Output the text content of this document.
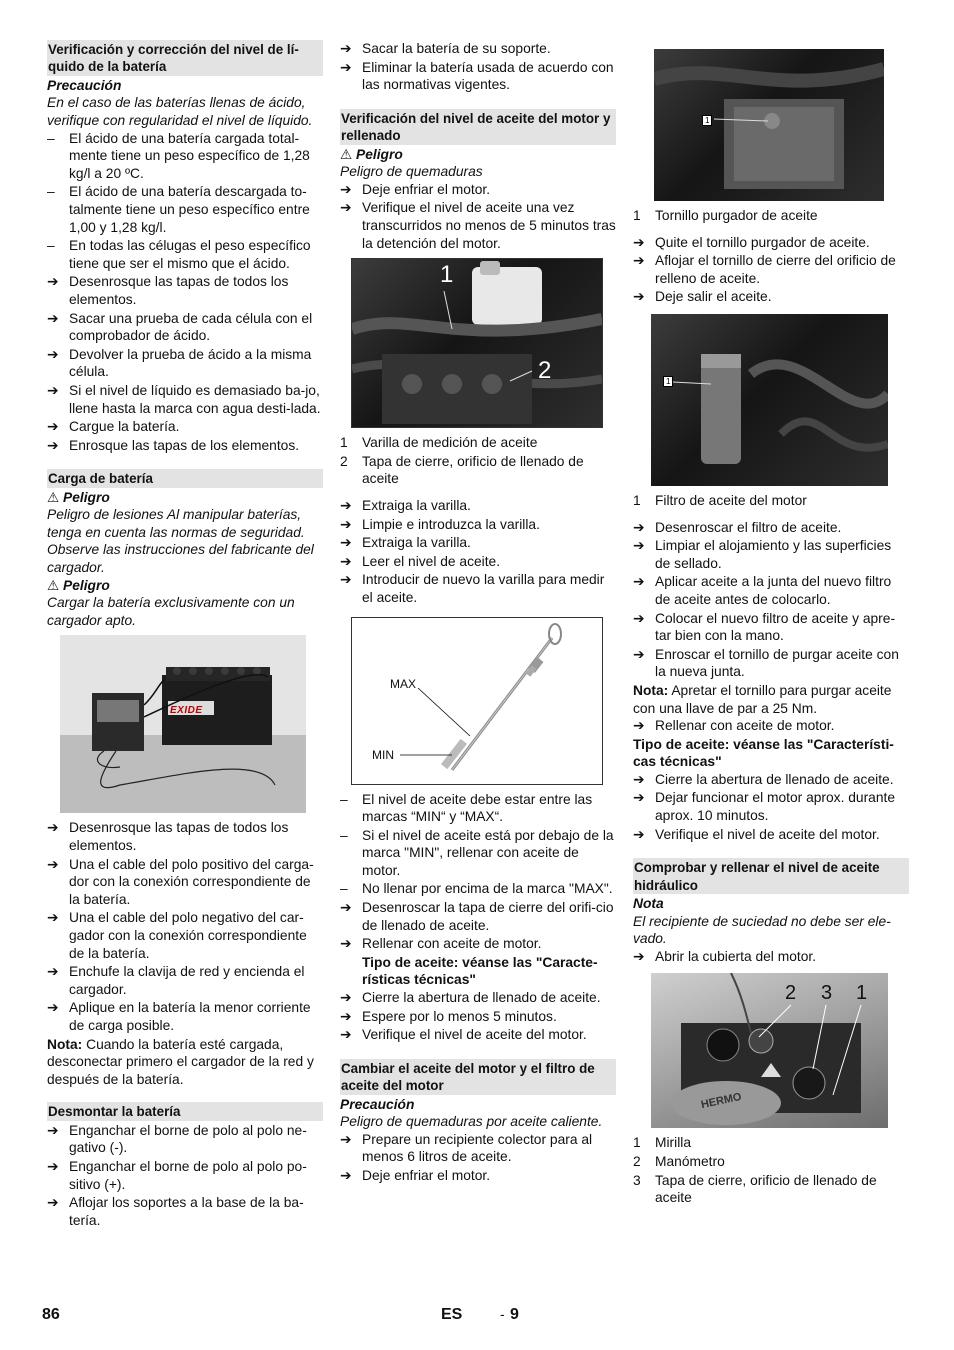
Verificación y corrección del nivel de lí-quido de la batería

Precaución

En el caso de las baterías llenas de ácido, verifique con regularidad el nivel de líquido.

–	El ácido de una batería cargada total-mente tiene un peso específico de 1,28 kg/l a 20 ºC.
–	El ácido de una batería descargada to-talmente tiene un peso específico entre 1,00 y 1,28 kg/l.
–	En todas las célugas el peso específico tiene que ser el mismo que el ácido.
➔ Desenrosque las tapas de todos los elementos.
➔ Sacar una prueba de cada célula con el comprobador de ácido.
➔ Devolver la prueba de ácido a la misma célula.
➔ Si el nivel de líquido es demasiado ba-jo, llene hasta la marca con agua desti-lada.
➔ Cargue la batería.
➔ Enrosque las tapas de los elementos.
Carga de batería

⚠ Peligro

Peligro de lesiones Al manipular baterías, tenga en cuenta las normas de seguridad. Observe las instrucciones del fabricante del cargador.

⚠ Peligro

Cargar la batería exclusivamente con un cargador apto.

EXIDE
➔ Desenrosque las tapas de todos los elementos.
➔ Una el cable del polo positivo del carga-dor con la conexión correspondiente de la batería.
➔ Una el cable del polo negativo del car-gador con la conexión correspondiente de la batería.
➔ Enchufe la clavija de red y encienda el cargador.
➔ Aplique en la batería la menor corriente de carga posible.

Nota: Cuando la batería esté cargada, desconectar primero el cargador de la red y después de la batería.

Desmontar la batería
➔ Enganchar el borne de polo al polo ne-gativo (-).
➔ Enganchar el borne de polo al polo po-sitivo (+).
➔ Aflojar los soportes a la base de la ba-tería.
➔ Sacar la batería de su soporte.
➔ Eliminar la batería usada de acuerdo con las normativas vigentes.
Verificación del nivel de aceite del motor y rellenado

⚠ Peligro

Peligro de quemaduras

➔ Deje enfriar el motor.
➔ Verifique el nivel de aceite una vez transcurridos no menos de 5 minutos tras la detención del motor.
1
2
1	Varilla de medición de aceite
2	Tapa de cierre, orificio de llenado de aceite
➔ Extraiga la varilla.
➔ Limpie e introduzca la varilla.
➔ Extraiga la varilla.
➔ Leer el nivel de aceite.
➔ Introducir de nuevo la varilla para medir el aceite.
MAX
MIN
–	El nivel de aceite debe estar entre las marcas “MIN“ y “MAX“.
–	Si el nivel de aceite está por debajo de la marca "MIN", rellenar con aceite de motor.
–	No llenar por encima de la marca "MAX".
➔ Desenroscar la tapa de cierre del orifi-cio de llenado de aceite.
➔ Rellenar con aceite de motor.

Tipo de aceite: véanse las "Caracte-rísticas técnicas"

➔ Cierre la abertura de llenado de aceite.
➔ Espere por lo menos 5 minutos.
➔ Verifique el nivel de aceite del motor.
Cambiar el aceite del motor y el filtro de aceite del motor

Precaución

Peligro de quemaduras por aceite caliente.

➔ Prepare un recipiente colector para al menos 6 litros de aceite.
➔ Deje enfriar el motor.
1
1	Tornillo purgador de aceite
➔ Quite el tornillo purgador de aceite.
➔ Aflojar el tornillo de cierre del orificio de relleno de aceite.
➔ Deje salir el aceite.
1
1	Filtro de aceite del motor
➔ Desenroscar el filtro de aceite.
➔ Limpiar el alojamiento y las superficies de sellado.
➔ Aplicar aceite a la junta del nuevo filtro de aceite antes de colocarlo.
➔ Colocar el nuevo filtro de aceite y apre-tar bien con la mano.
➔ Enroscar el tornillo de purgar aceite con la nueva junta.

Nota: Apretar el tornillo para purgar aceite con una llave de par a 25 Nm.

➔ Rellenar con aceite de motor.

Tipo de aceite: véanse las "Característi-cas técnicas"

➔ Cierre la abertura de llenado de aceite.
➔ Dejar funcionar el motor aprox. durante aprox. 10 minutos.
➔ Verifique el nivel de aceite del motor.
Comprobar y rellenar el nivel de aceite hidráulico

Nota

El recipiente de suciedad no debe ser ele-vado.

➔ Abrir la cubierta del motor.
2 3 1
HERMO
1	Mirilla
2	Manómetro
3	Tapa de cierre, orificio de llenado de aceite
86	ES	- 9
